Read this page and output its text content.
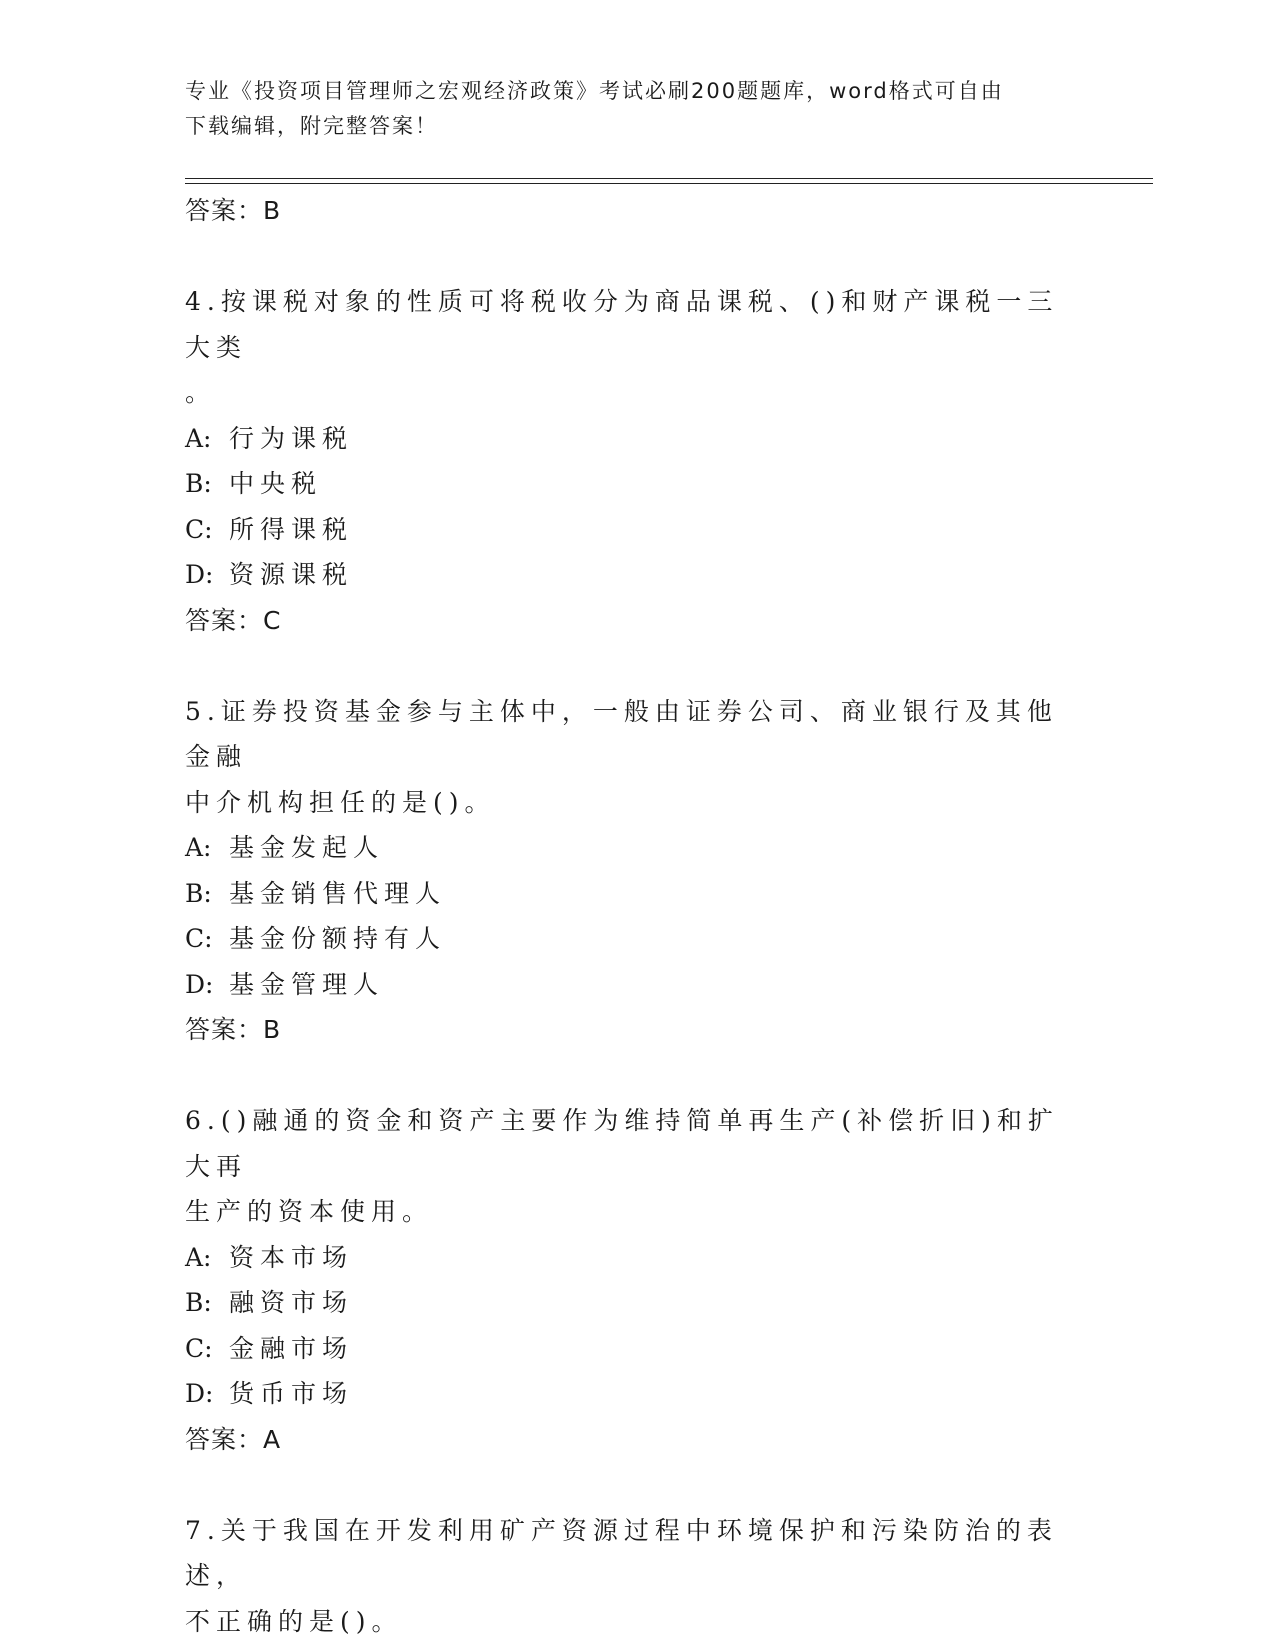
专业《投资项目管理师之宏观经济政策》考试必刷200题题库，word格式可自由
下载编辑，附完整答案！
答案：B
4.按课税对象的性质可将税收分为商品课税、()和财产课税一三大类
。
A: 行为课税
B: 中央税
C: 所得课税
D: 资源课税
答案：C
5.证券投资基金参与主体中，一般由证券公司、商业银行及其他金融
中介机构担任的是()。
A: 基金发起人
B: 基金销售代理人
C: 基金份额持有人
D: 基金管理人
答案：B
6.()融通的资金和资产主要作为维持简单再生产(补偿折旧)和扩大再
生产的资本使用。
A: 资本市场
B: 融资市场
C: 金融市场
D: 货币市场
答案：A
7.关于我国在开发利用矿产资源过程中环境保护和污染防治的表述，
不正确的是()。
